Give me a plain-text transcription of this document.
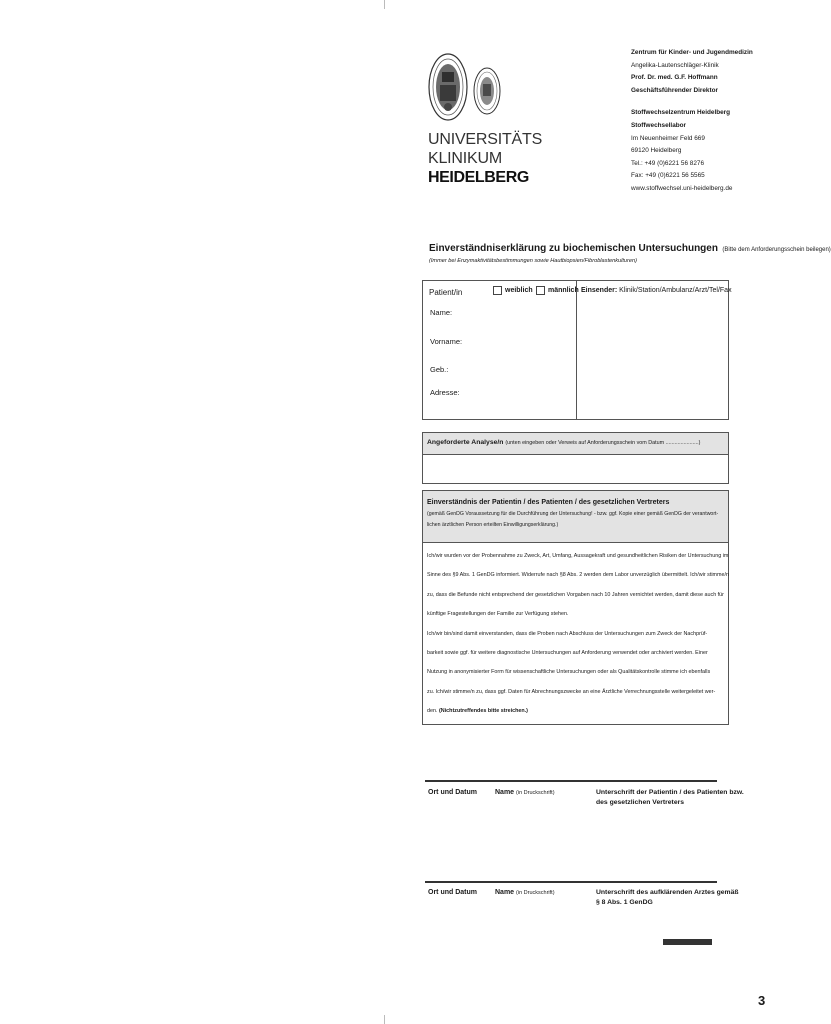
UNIVERSITÄTS
KLINIKUM
HEIDELBERG
Zentrum für Kinder- und Jugendmedizin
Angelika-Lautenschläger-Klinik
Prof. Dr. med. G.F. Hoffmann
Geschäftsführender Direktor
Stoffwechselzentrum Heidelberg
Stoffwechsellabor
Im Neuenheimer Feld 669
69120 Heidelberg
Tel.: +49 (0)6221 56 8276
Fax: +49 (0)6221 56 5565
www.stoffwechsel.uni-heidelberg.de
Einverständniserklärung zu biochemischen Untersuchungen (Bitte dem Anforderungsschein beilegen)
(Immer bei Enzymaktivitätsbestimmungen sowie Hautbiopsien/Fibroblastenkulturen)
Patient/in	weiblich männlich
Name:
Vorname:
Geb.:
Adresse:
Einsender: Klinik/Station/Ambulanz/Arzt/Tel/Fax
Angeforderte Analyse/n (unten eingeben oder Verweis auf Anforderungsschein vom Datum ......................)
Einverständnis der Patientin / des Patienten / des gesetzlichen Vertreters
(gemäß GenDG Voraussetzung für die Durchführung der Untersuchung! - bzw. ggf. Kopie einer gemäß GenDG der verantwort-
lichen ärztlichen Person erteilten Einwilligungserklärung.)
Ich/wir wurden vor der Probennahme zu Zweck, Art, Umfang, Aussagekraft und gesundheitlichen Risiken der Untersuchung im
Sinne des §9 Abs. 1 GenDG informiert. Widerrufe nach §8 Abs. 2 werden dem Labor unverzüglich übermittelt. Ich/wir stimme/n
zu, dass die Befunde nicht entsprechend der gesetzlichen Vorgaben nach 10 Jahren vernichtet werden, damit diese auch für
künftige Fragestellungen der Familie zur Verfügung stehen.
Ich/wir bin/sind damit einverstanden, dass die Proben nach Abschluss der Untersuchungen zum Zweck der Nachprüf-
barkeit sowie ggf. für weitere diagnostische Untersuchungen auf Anforderung verwendet oder archiviert werden. Einer
Nutzung in anonymisierter Form für wissenschaftliche Untersuchungen oder als Qualitätskontrolle stimme ich ebenfalls
zu. Ich/wir stimme/n zu, dass ggf. Daten für Abrechnungszwecke an eine Ärztliche Verrechnungsstelle weitergeleitet wer-
den. (Nichtzutreffendes bitte streichen.)
Ort und Datum	Name (in Druckschrift)	Unterschrift der Patientin / des Patienten bzw.
des gesetzlichen Vertreters
Ort und Datum	Name (in Druckschrift)	Unterschrift des aufklärenden Arztes gemäß
§ 8 Abs. 1 GenDG
3
